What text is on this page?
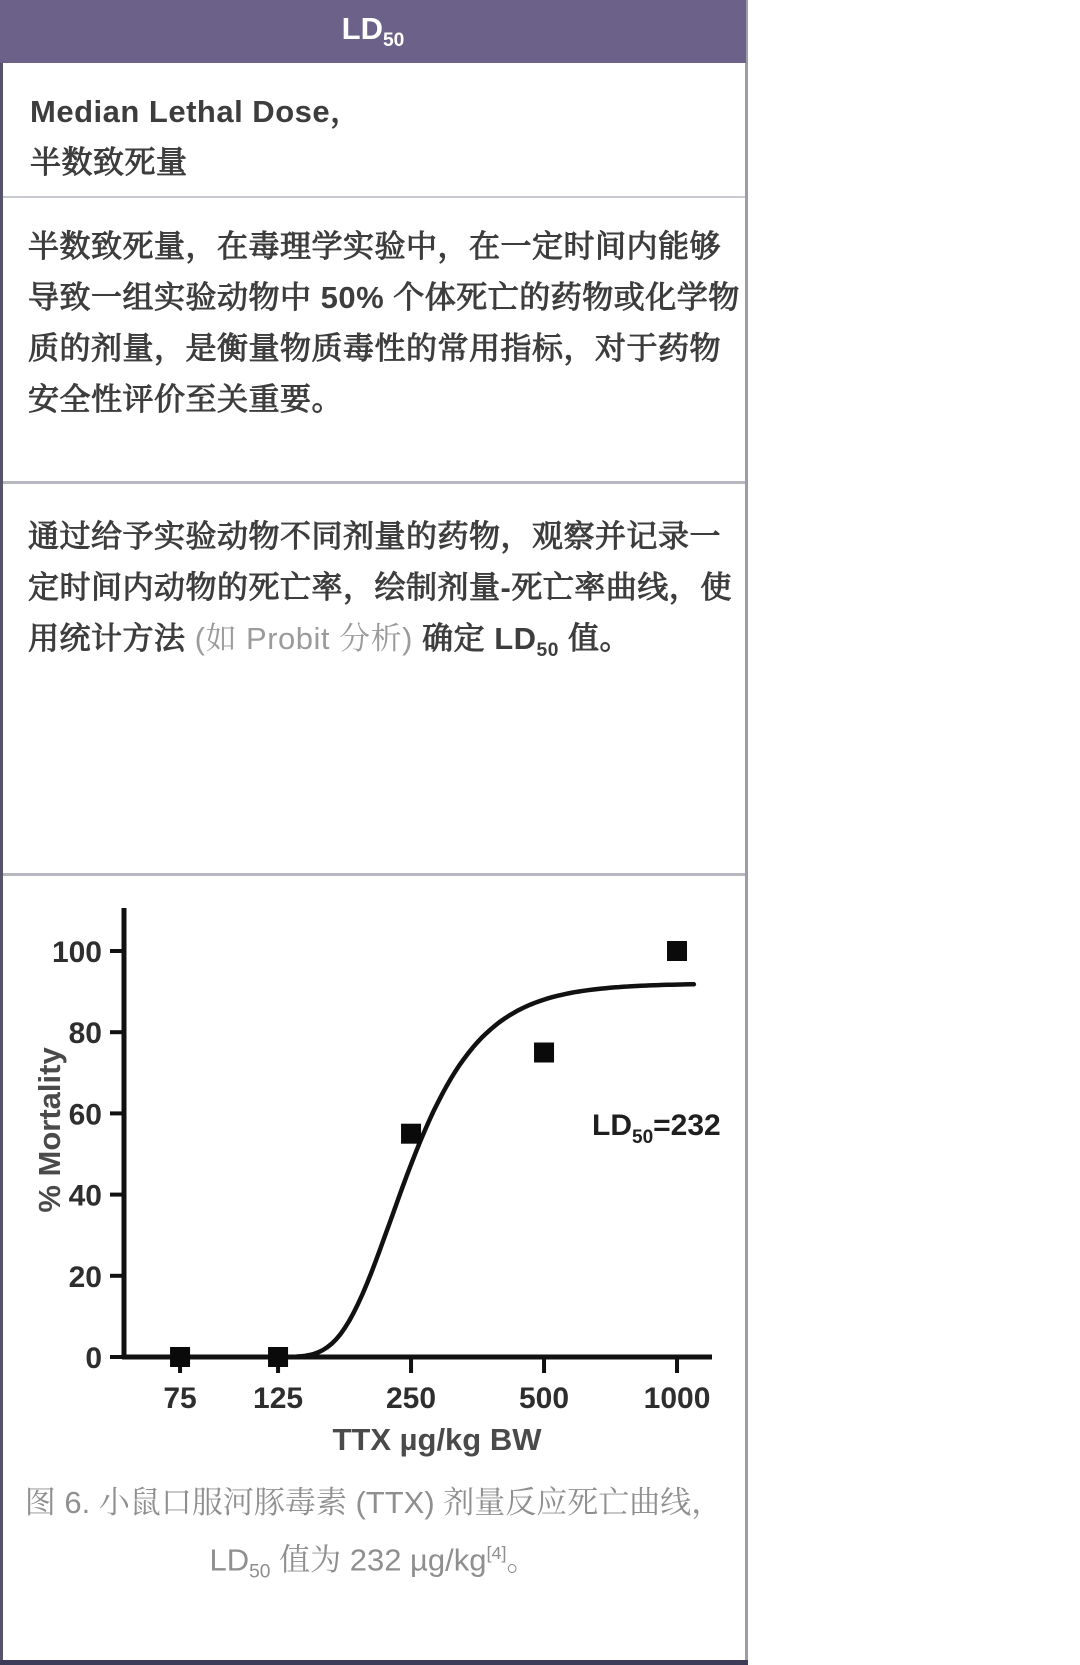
$LD_{50}$
Median Lethal Dose，
半数致死量
半数致死量，在毒理学实验中，在一定时间内能够
导致一组实验动物中 50% 个体死亡的药物或化学物
质的剂量，是衡量物质毒性的常用指标，对于药物
安全性评价至关重要。
通过给予实验动物不同剂量的药物，观察并记录一
定时间内动物的死亡率，绘制剂量-死亡率曲线，使
用统计方法 (如 Probit 分析) 确定 $LD_{50}$ 值。
0
20
40
60
80
100
75 125	250	500 1000
% Mortality
TTX µg/kg BW
$LD_{50}=232$
图 6. 小鼠口服河豚毒素 (TTX) 剂量反应死亡曲线，
$LD_{50}$ 值为 232 µg/kg[4]。
